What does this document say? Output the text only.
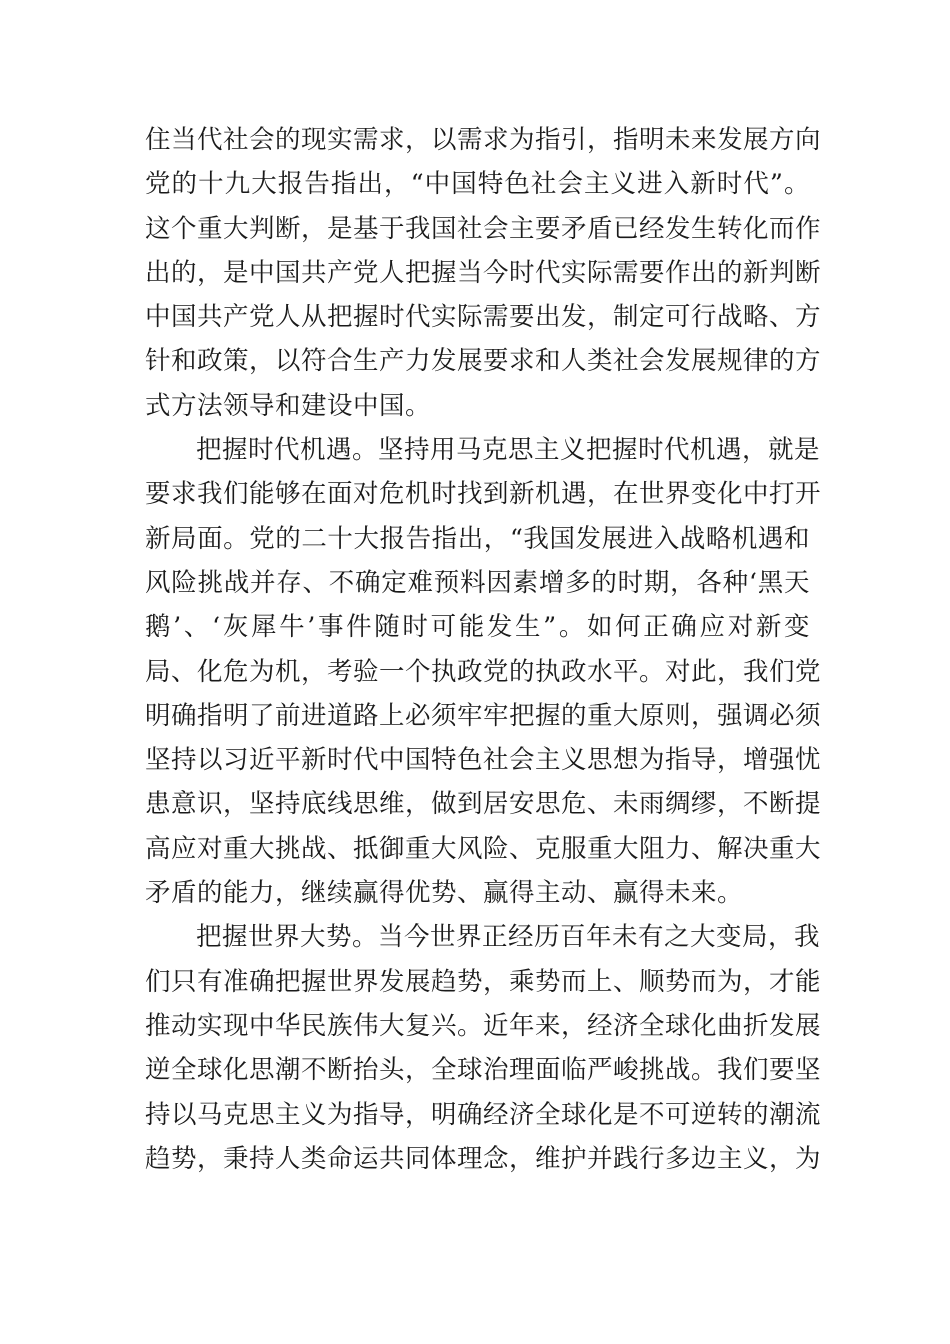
住当代社会的现实需求，以需求为指引，指明未来发展方向
党的十九大报告指出，“中国特色社会主义进入新时代”。
这个重大判断，是基于我国社会主要矛盾已经发生转化而作
出的，是中国共产党人把握当今时代实际需要作出的新判断
中国共产党人从把握时代实际需要出发，制定可行战略、方
针和政策，以符合生产力发展要求和人类社会发展规律的方
式方法领导和建设中国。
把握时代机遇。坚持用马克思主义把握时代机遇，就是
要求我们能够在面对危机时找到新机遇，在世界变化中打开
新局面。党的二十大报告指出，“我国发展进入战略机遇和
风险挑战并存、不确定难预料因素增多的时期，各种‘黑天
鹅’、‘灰犀牛’事件随时可能发生”。如何正确应对新变
局、化危为机，考验一个执政党的执政水平。对此，我们党
明确指明了前进道路上必须牢牢把握的重大原则，强调必须
坚持以习近平新时代中国特色社会主义思想为指导，增强忧
患意识，坚持底线思维，做到居安思危、未雨绸缪，不断提
高应对重大挑战、抵御重大风险、克服重大阻力、解决重大
矛盾的能力，继续赢得优势、赢得主动、赢得未来。
把握世界大势。当今世界正经历百年未有之大变局，我
们只有准确把握世界发展趋势，乘势而上、顺势而为，才能
推动实现中华民族伟大复兴。近年来，经济全球化曲折发展
逆全球化思潮不断抬头，全球治理面临严峻挑战。我们要坚
持以马克思主义为指导，明确经济全球化是不可逆转的潮流
趋势，秉持人类命运共同体理念，维护并践行多边主义，为
